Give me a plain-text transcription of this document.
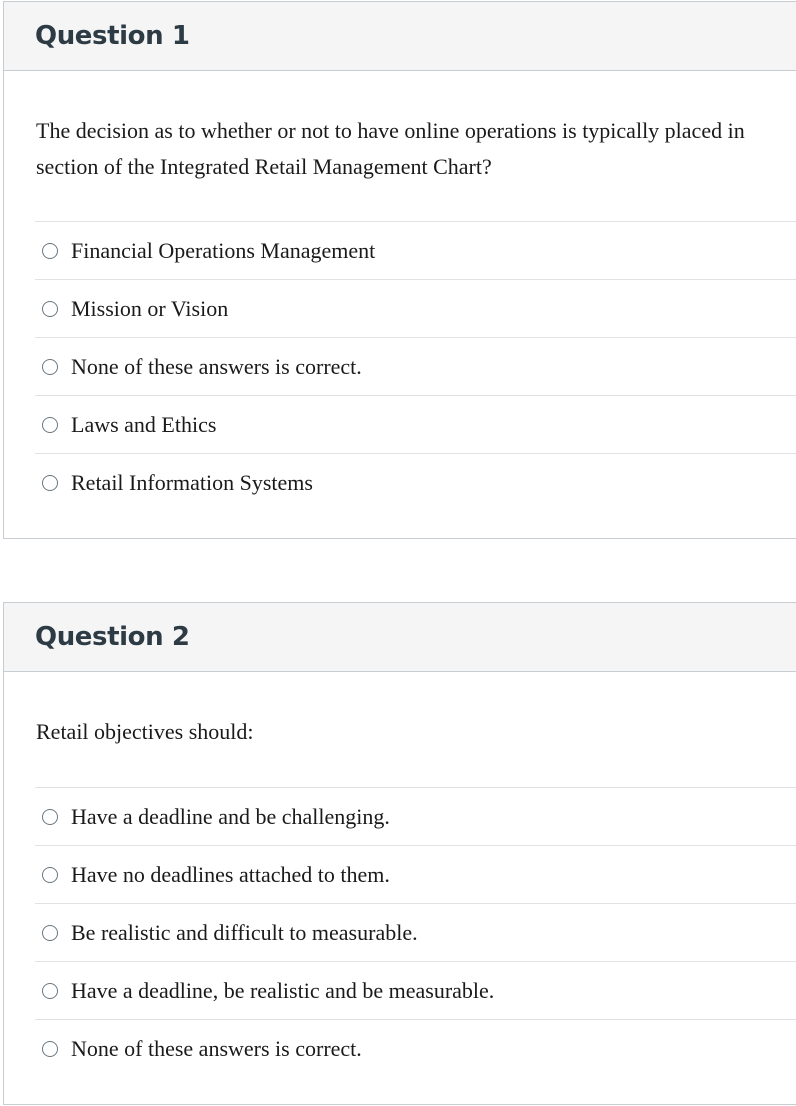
Question 1
The decision as to whether or not to have online operations is typically placed in
section of the Integrated Retail Management Chart?
Financial Operations Management
Mission or Vision
None of these answers is correct.
Laws and Ethics
Retail Information Systems
Question 2
Retail objectives should:
Have a deadline and be challenging.
Have no deadlines attached to them.
Be realistic and difficult to measurable.
Have a deadline, be realistic and be measurable.
None of these answers is correct.
